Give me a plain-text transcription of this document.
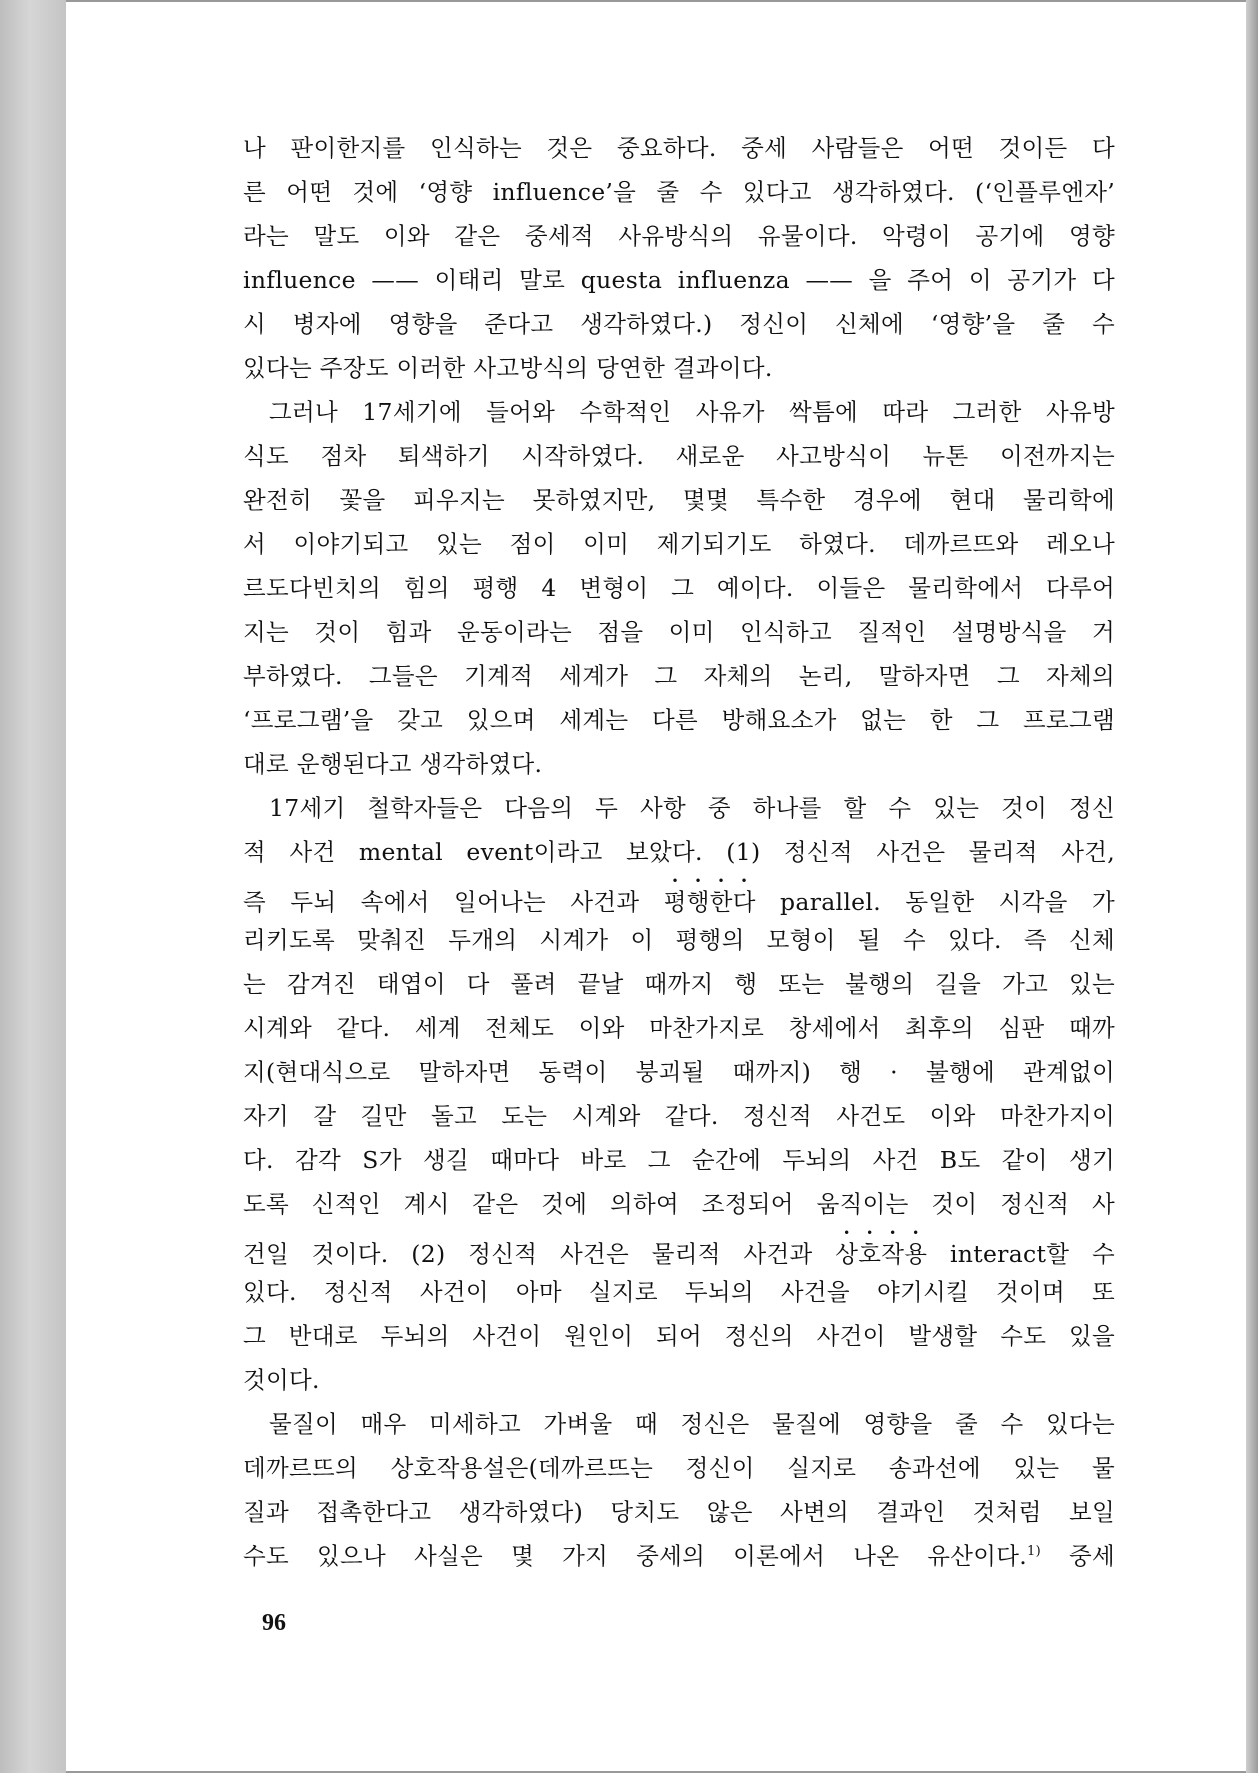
나 판이한지를 인식하는 것은 중요하다. 중세 사람들은 어떤 것이든 다
른 어떤 것에 ‘영향 influence’을 줄 수 있다고 생각하였다. (‘인플루엔자’
라는 말도 이와 같은 중세적 사유방식의 유물이다. 악령이 공기에 영향
influence —— 이태리 말로 questa influenza —— 을 주어 이 공기가 다
시 병자에 영향을 준다고 생각하였다.) 정신이 신체에 ‘영향’을 줄 수
있다는 주장도 이러한 사고방식의 당연한 결과이다.
그러나 17세기에 들어와 수학적인 사유가 싹틈에 따라 그러한 사유방
식도 점차 퇴색하기 시작하였다. 새로운 사고방식이 뉴톤 이전까지는
완전히 꽃을 피우지는 못하였지만, 몇몇 특수한 경우에 현대 물리학에
서 이야기되고 있는 점이 이미 제기되기도 하였다. 데까르뜨와 레오나
르도다빈치의 힘의 평행 4 변형이 그 예이다. 이들은 물리학에서 다루어
지는 것이 힘과 운동이라는 점을 이미 인식하고 질적인 설명방식을 거
부하였다. 그들은 기계적 세계가 그 자체의 논리, 말하자면 그 자체의
‘프로그램’을 갖고 있으며 세계는 다른 방해요소가 없는 한 그 프로그램
대로 운행된다고 생각하였다.
17세기 철학자들은 다음의 두 사항 중 하나를 할 수 있는 것이 정신
적 사건 mental event이라고 보았다. (1) 정신적 사건은 물리적 사건,
즉 두뇌 속에서 일어나는 사건과 평행한다 parallel. 동일한 시각을 가
리키도록 맞춰진 두개의 시계가 이 평행의 모형이 될 수 있다. 즉 신체
는 감겨진 태엽이 다 풀려 끝날 때까지 행 또는 불행의 길을 가고 있는
시계와 같다. 세계 전체도 이와 마찬가지로 창세에서 최후의 심판 때까
지(현대식으로 말하자면 동력이 붕괴될 때까지) 행 · 불행에 관계없이
자기 갈 길만 돌고 도는 시계와 같다. 정신적 사건도 이와 마찬가지이
다. 감각 S가 생길 때마다 바로 그 순간에 두뇌의 사건 B도 같이 생기
도록 신적인 계시 같은 것에 의하여 조정되어 움직이는 것이 정신적 사
건일 것이다. (2) 정신적 사건은 물리적 사건과 상호작용 interact할 수
있다. 정신적 사건이 아마 실지로 두뇌의 사건을 야기시킬 것이며 또
그 반대로 두뇌의 사건이 원인이 되어 정신의 사건이 발생할 수도 있을
것이다.
물질이 매우 미세하고 가벼울 때 정신은 물질에 영향을 줄 수 있다는
데까르뜨의 상호작용설은(데까르뜨는 정신이 실지로 송과선에 있는 물
질과 접촉한다고 생각하였다) 당치도 않은 사변의 결과인 것처럼 보일
수도 있으나 사실은 몇 가지 중세의 이론에서 나온 유산이다.$^{1)}$ 중세
96
